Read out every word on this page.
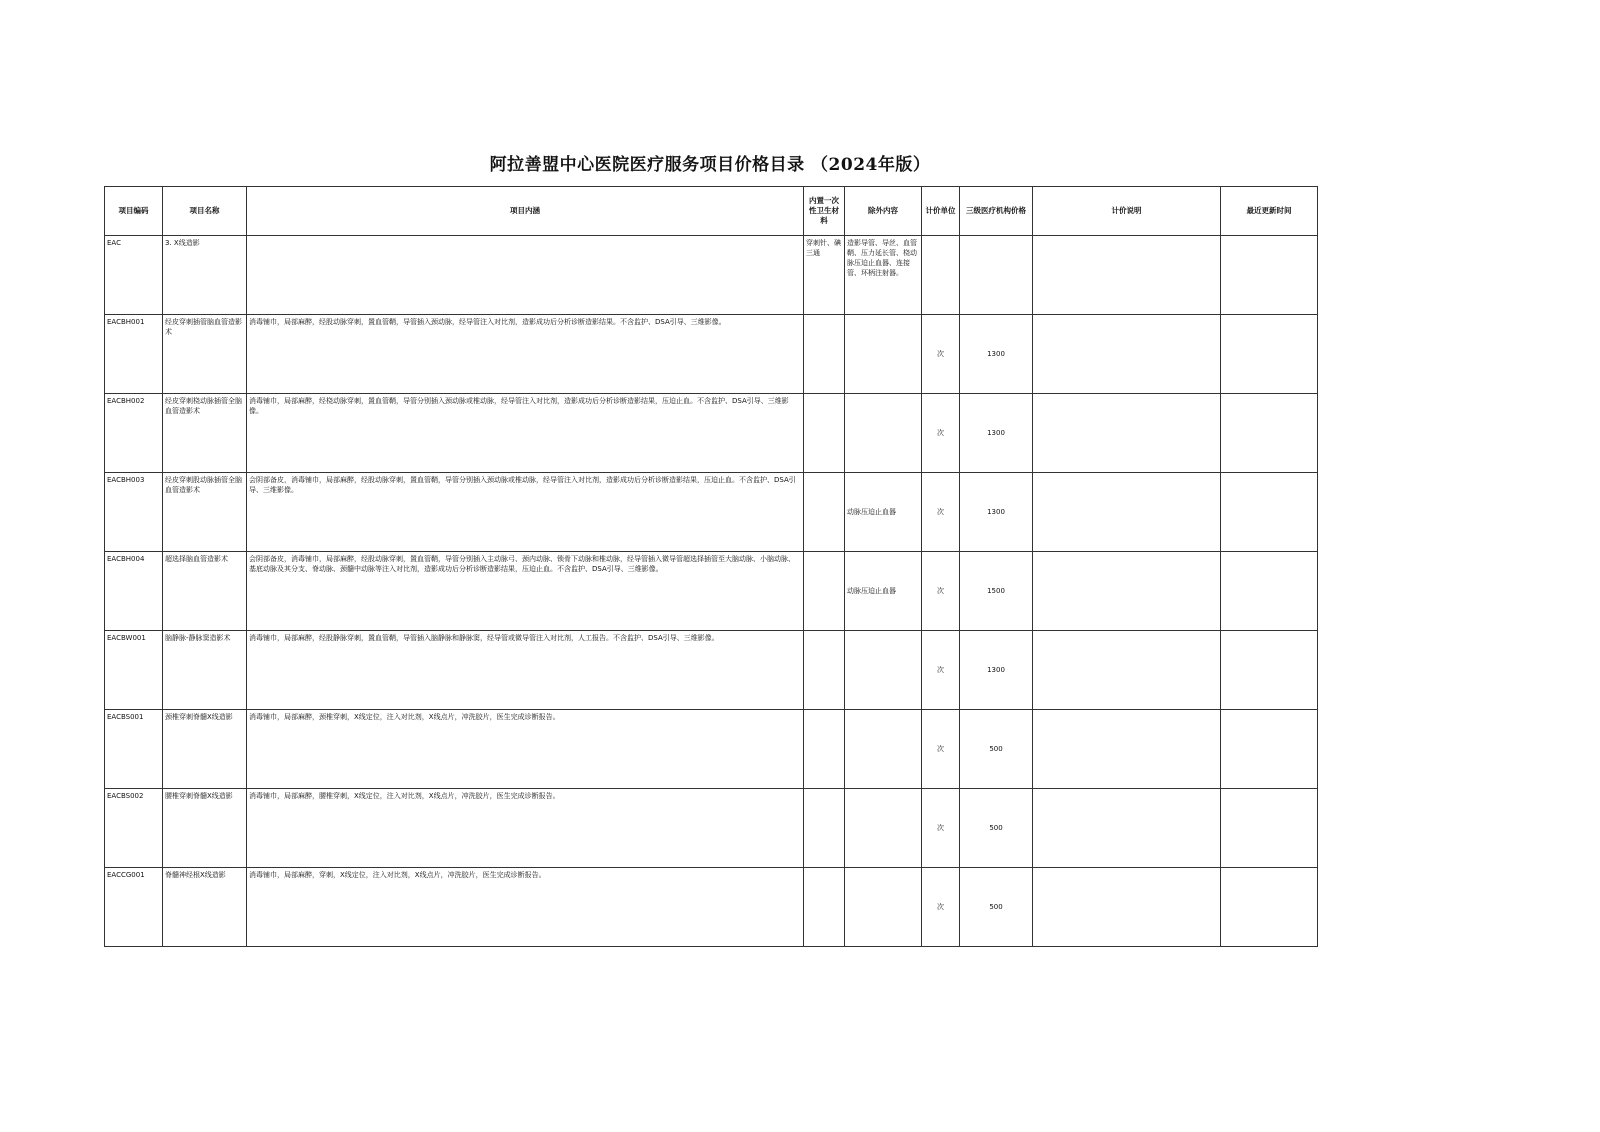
阿拉善盟中心医院医疗服务项目价格目录 （2024年版）
项目编码	项目名称	项目内涵	内置一次性卫生材料	除外内容	计价单位	三级医疗机构价格	计价说明	最近更新时间
EAC	3. X线造影		穿刺针、碘三通	造影导管、导丝、血管鞘、压力延长管、桡动脉压迫止血器、连接管、环柄注射器。				
EACBH001	经皮穿刺插管脑血管造影术	消毒铺巾，局部麻醉，经股动脉穿刺，置血管鞘，导管插入颈动脉，经导管注入对比剂，造影成功后分析诊断造影结果。不含监护、DSA引导、三维影像。			次	1300		
EACBH002	经皮穿刺桡动脉插管全脑血管造影术	消毒铺巾，局部麻醉，经桡动脉穿刺，置血管鞘，导管分别插入颈动脉或椎动脉，经导管注入对比剂，造影成功后分析诊断造影结果，压迫止血。不含监护、DSA引导、三维影像。			次	1300		
EACBH003	经皮穿刺股动脉插管全脑血管造影术	会阴部备皮，消毒铺巾，局部麻醉，经股动脉穿刺，置血管鞘，导管分别插入颈动脉或椎动脉，经导管注入对比剂，造影成功后分析诊断造影结果，压迫止血。不含监护、DSA引导、三维影像。		动脉压迫止血器	次	1300		
EACBH004	超选择脑血管造影术	会阴部备皮，消毒铺巾，局部麻醉，经股动脉穿刺，置血管鞘，导管分别插入主动脉弓、颈内动脉、锁骨下动脉和椎动脉，经导管插入微导管超选择插管至大脑动脉、小脑动脉、基底动脉及其分支、脊动脉、颈髓中动脉等注入对比剂，造影成功后分析诊断造影结果，压迫止血。不含监护、DSA引导、三维影像。		动脉压迫止血器	次	1500		
EACBW001	脑静脉-静脉窦造影术	消毒铺巾，局部麻醉，经股静脉穿刺，置血管鞘，导管插入脑静脉和静脉窦，经导管或微导管注入对比剂，人工报告。不含监护、DSA引导、三维影像。			次	1300		
EACBS001	颈椎穿刺脊髓X线造影	消毒铺巾，局部麻醉，颈椎穿刺，X线定位，注入对比剂，X线点片，冲洗胶片，医生完成诊断报告。			次	500		
EACBS002	腰椎穿刺脊髓X线造影	消毒铺巾，局部麻醉，腰椎穿刺，X线定位，注入对比剂，X线点片，冲洗胶片，医生完成诊断报告。			次	500		
EACCG001	脊髓神经根X线造影	消毒铺巾，局部麻醉，穿刺，X线定位，注入对比剂，X线点片，冲洗胶片，医生完成诊断报告。			次	500		
